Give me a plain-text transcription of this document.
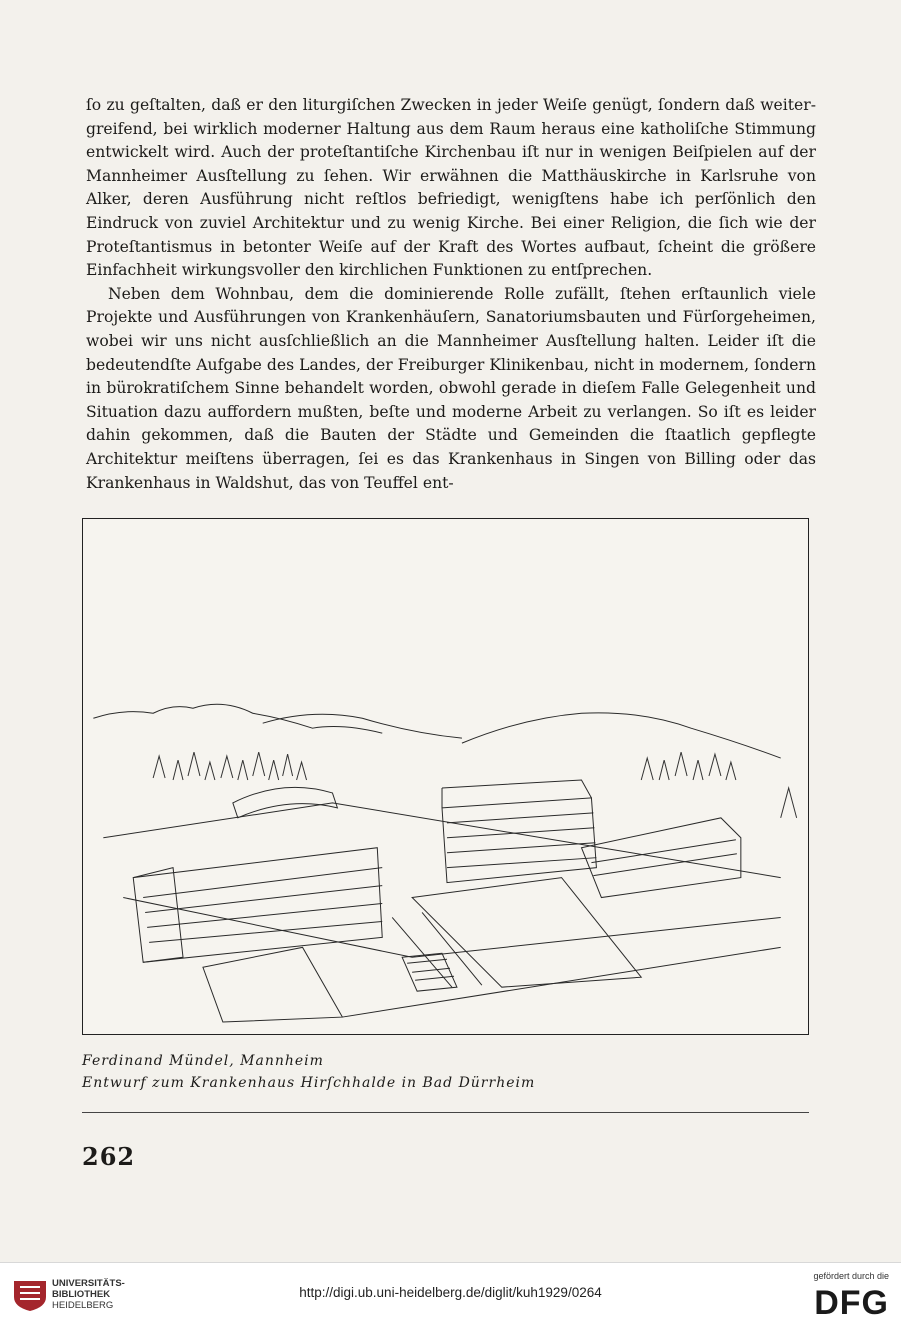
ſo zu geſtalten, daß er den liturgiſchen Zwecken in jeder Weiſe genügt, ſondern daß weitergreifend, bei wirklich moderner Haltung aus dem Raum heraus eine katholiſche Stimmung entwickelt wird. Auch der proteſtantiſche Kirchenbau iſt nur in wenigen Beiſpielen auf der Mannheimer Ausſtellung zu ſehen. Wir erwähnen die Matthäuskirche in Karlsruhe von Alker, deren Ausführung nicht reſtlos befriedigt, wenigſtens habe ich perſönlich den Eindruck von zuviel Architektur und zu wenig Kirche. Bei einer Religion, die ſich wie der Proteſtantismus in betonter Weiſe auf der Kraft des Wortes aufbaut, ſcheint die größere Einfachheit wirkungsvoller den kirchlichen Funktionen zu entſprechen.

Neben dem Wohnbau, dem die dominierende Rolle zufällt, ſtehen erſtaunlich viele Projekte und Ausführungen von Krankenhäuſern, Sanatoriumsbauten und Fürſorgeheimen, wobei wir uns nicht ausſchließlich an die Mannheimer Ausſtellung halten. Leider iſt die bedeutendſte Aufgabe des Landes, der Freiburger Klinikenbau, nicht in modernem, ſondern in bürokratiſchem Sinne behandelt worden, obwohl gerade in dieſem Falle Gelegenheit und Situation dazu auffordern mußten, beſte und moderne Arbeit zu verlangen. So iſt es leider dahin gekommen, daß die Bauten der Städte und Gemeinden die ſtaatlich gepflegte Architektur meiſtens überragen, ſei es das Krankenhaus in Singen von Billing oder das Krankenhaus in Waldshut, das von Teuffel ent-

Ferdinand Mündel, Mannheim
Entwurf zum Krankenhaus Hirſchhalde in Bad Dürrheim
262
UNIVERSITÄTS-
BIBLIOTHEK
HEIDELBERG
http://digi.ub.uni-heidelberg.de/diglit/kuh1929/0264
gefördert durch die
DFG
